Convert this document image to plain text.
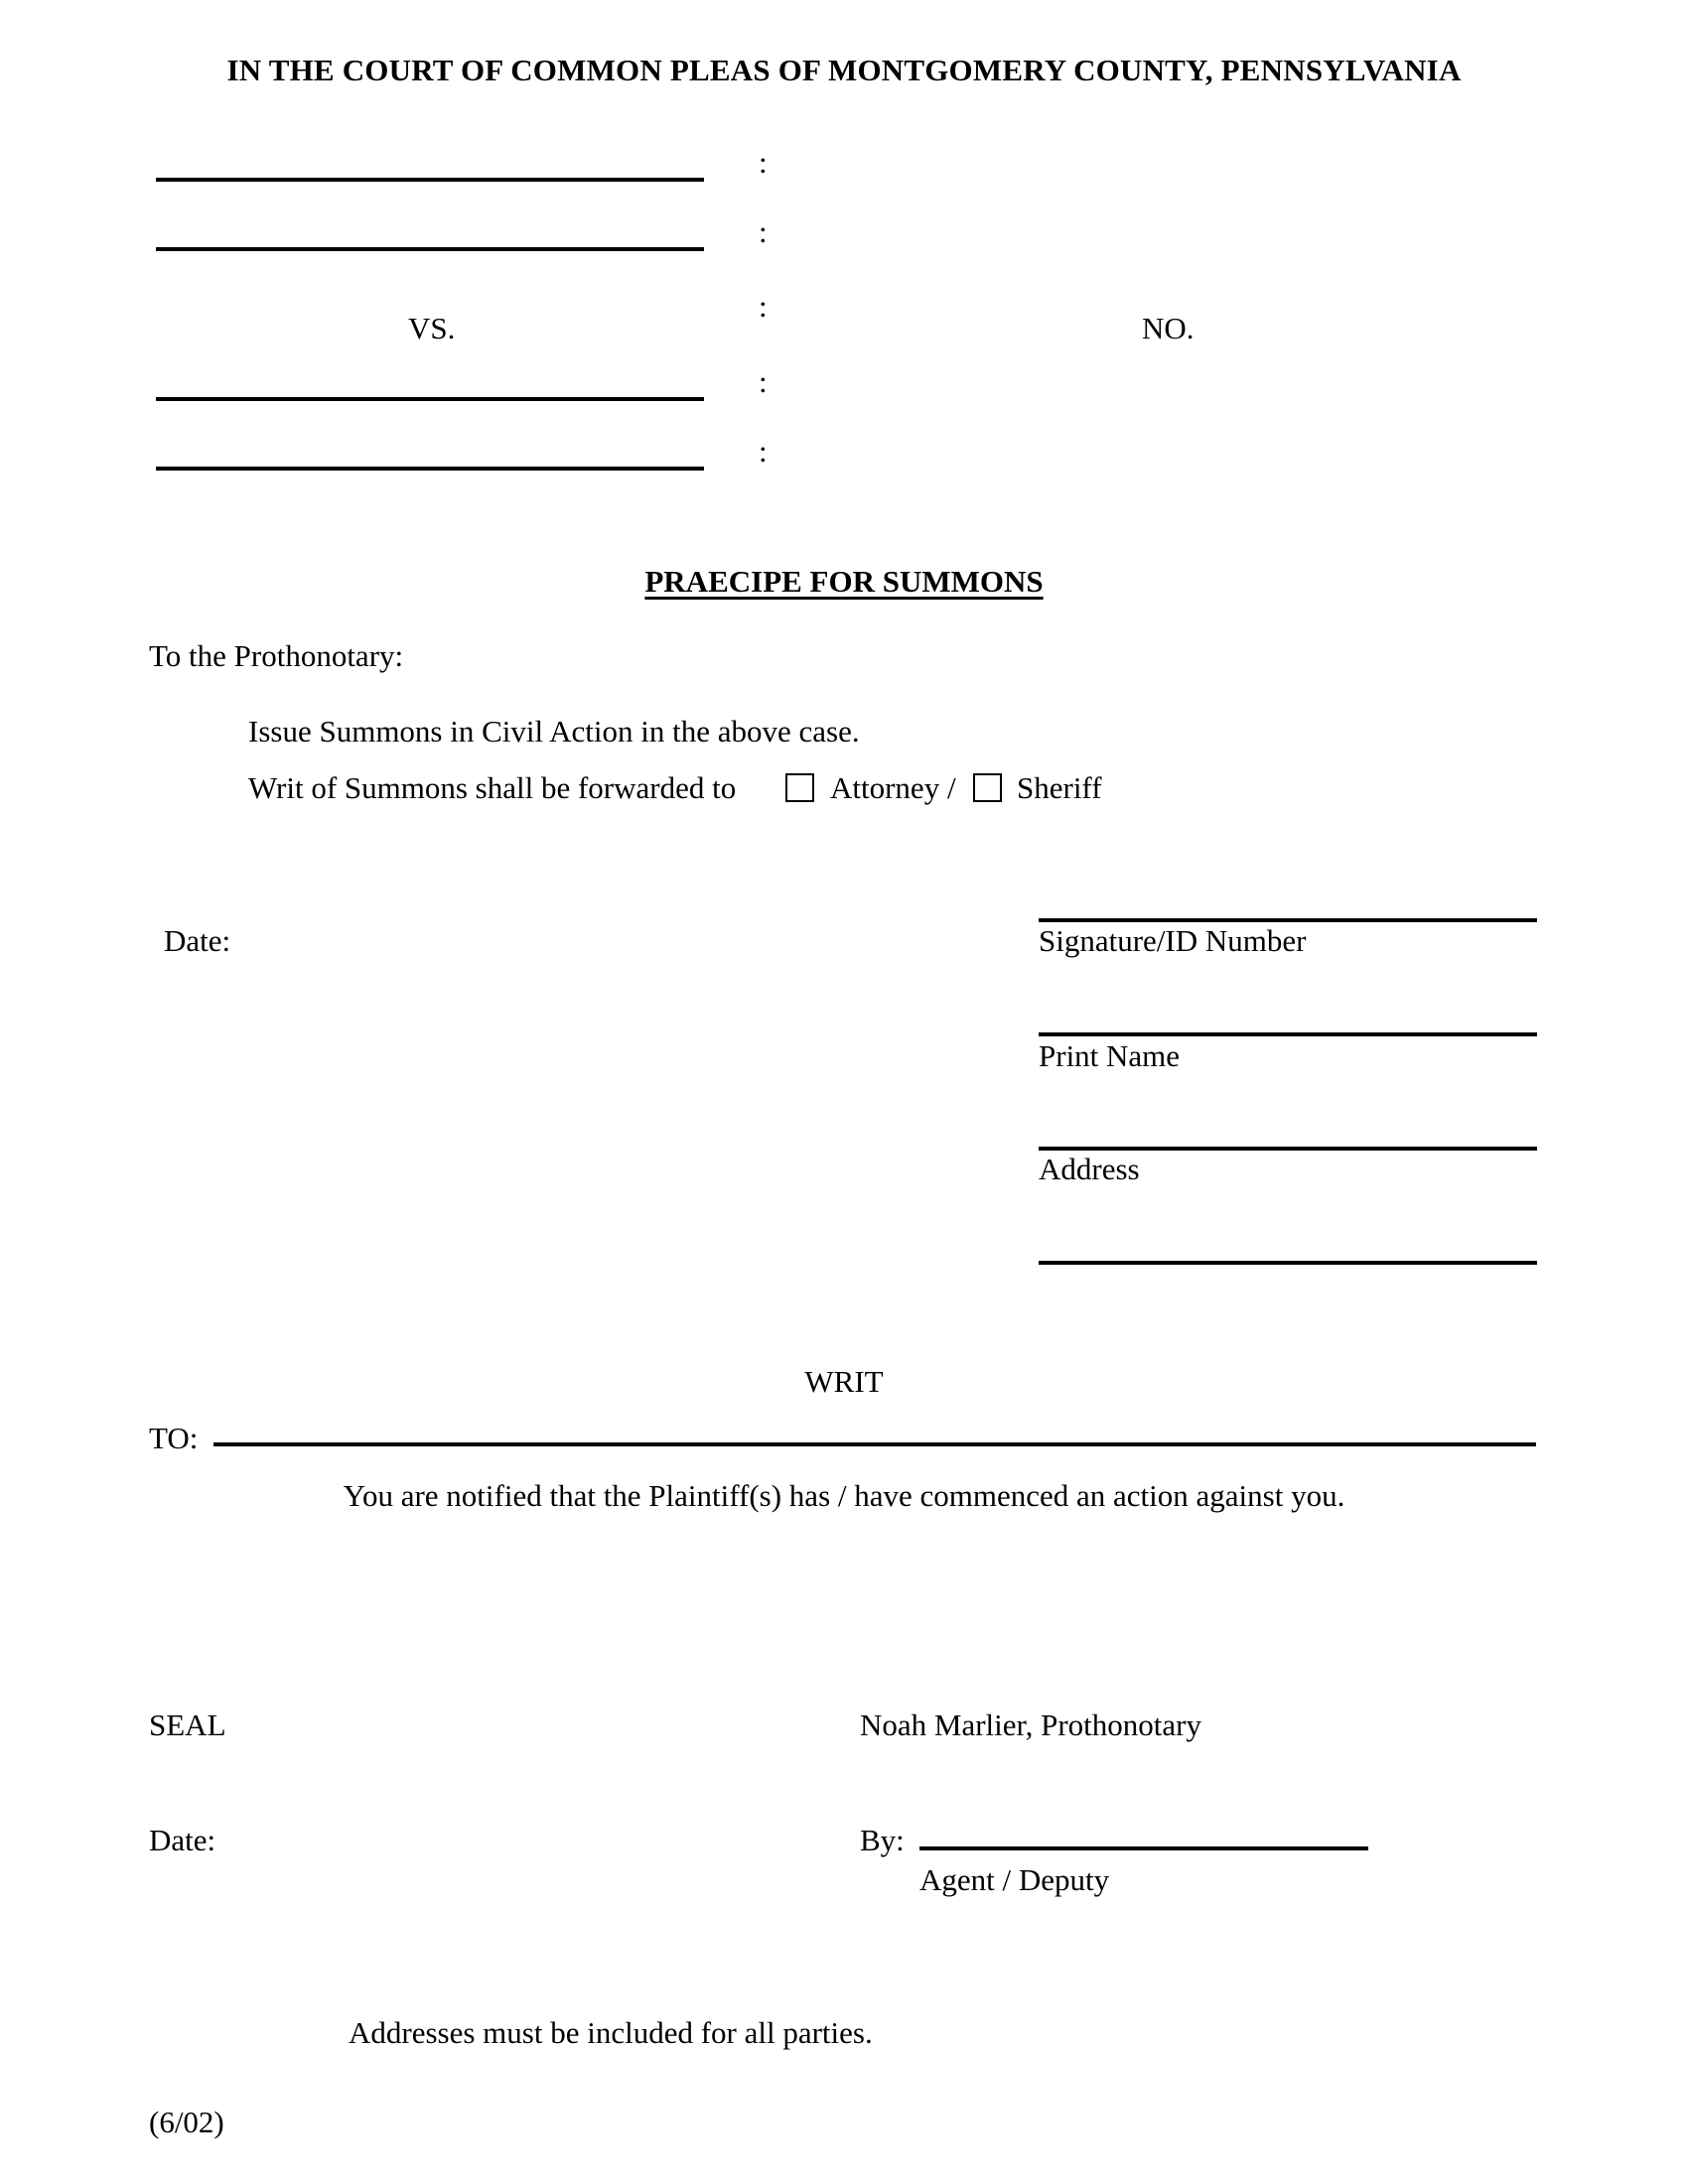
IN THE COURT OF COMMON PLEAS OF MONTGOMERY COUNTY, PENNSYLVANIA
:
:
:
:
:
VS.	NO.
PRAECIPE FOR SUMMONS
To the Prothonotary:
Issue Summons in Civil Action in the above case.
Writ of Summons shall be forwarded to	Attorney / Sheriff
Date:	Signature/ID Number
Print Name
Address
WRIT
TO:
You are notified that the Plaintiff(s) has / have commenced an action against you.
SEAL	Noah Marlier, Prothonotary
Date:	By:
Agent / Deputy
Addresses must be included for all parties.
(6/02)
